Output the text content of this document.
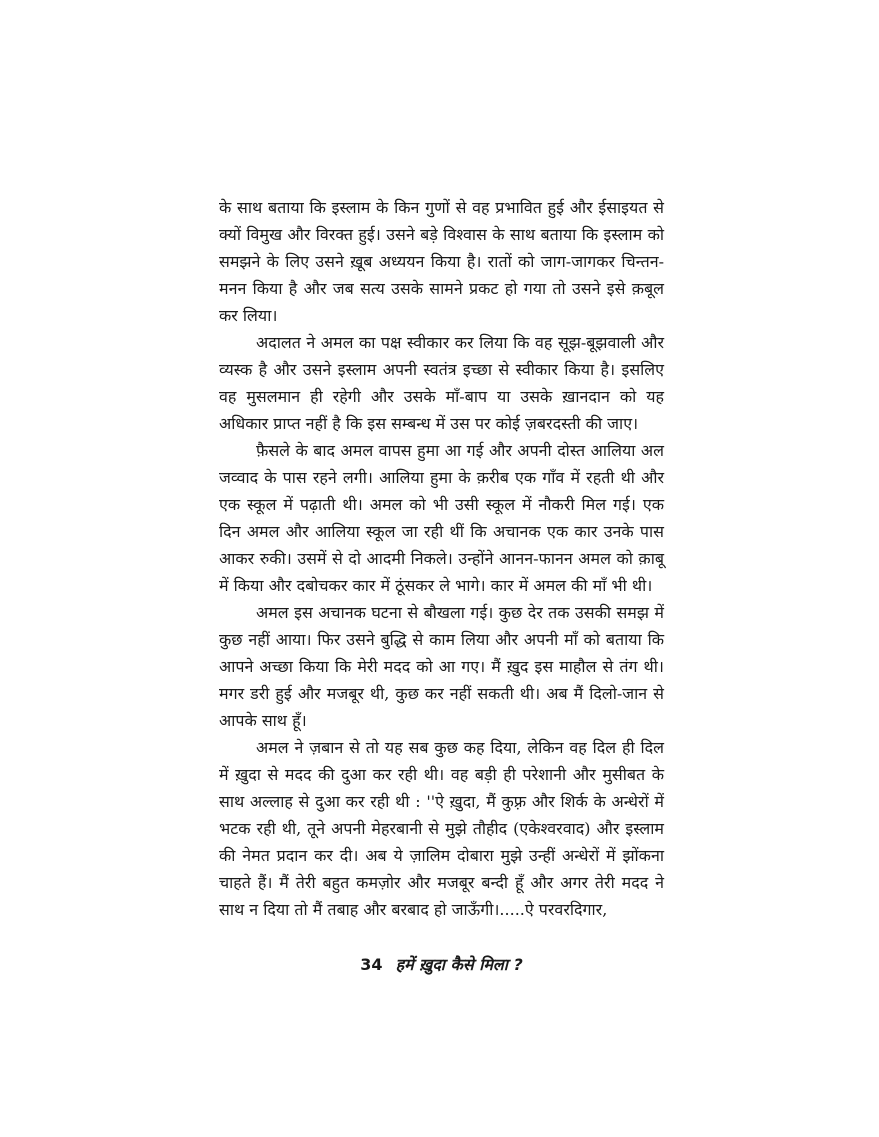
के साथ बताया कि इस्लाम के किन गुणों से वह प्रभावित हुई और ईसाइयत से क्यों विमुख और विरक्त हुई। उसने बड़े विश्वास के साथ बताया कि इस्लाम को समझने के लिए उसने ख़ूब अध्ययन किया है। रातों को जाग-जागकर चिन्तन-मनन किया है और जब सत्य उसके सामने प्रकट हो गया तो उसने इसे क़बूल कर लिया।

अदालत ने अमल का पक्ष स्वीकार कर लिया कि वह सूझ-बूझवाली और व्यस्क है और उसने इस्लाम अपनी स्वतंत्र इच्छा से स्वीकार किया है। इसलिए वह मुसलमान ही रहेगी और उसके माँ-बाप या उसके ख़ानदान को यह अधिकार प्राप्त नहीं है कि इस सम्बन्ध में उस पर कोई ज़बरदस्ती की जाए।

फ़ैसले के बाद अमल वापस हुमा आ गई और अपनी दोस्त आलिया अल जव्वाद के पास रहने लगी। आलिया हुमा के क़रीब एक गाँव में रहती थी और एक स्कूल में पढ़ाती थी। अमल को भी उसी स्कूल में नौकरी मिल गई। एक दिन अमल और आलिया स्कूल जा रही थीं कि अचानक एक कार उनके पास आकर रुकी। उसमें से दो आदमी निकले। उन्होंने आनन-फानन अमल को क़ाबू में किया और दबोचकर कार में ठूंसकर ले भागे। कार में अमल की माँ भी थी।

अमल इस अचानक घटना से बौखला गई। कुछ देर तक उसकी समझ में कुछ नहीं आया। फिर उसने बुद्धि से काम लिया और अपनी माँ को बताया कि आपने अच्छा किया कि मेरी मदद को आ गए। मैं ख़ुद इस माहौल से तंग थी। मगर डरी हुई और मजबूर थी, कुछ कर नहीं सकती थी। अब मैं दिलो-जान से आपके साथ हूँ।

अमल ने ज़बान से तो यह सब कुछ कह दिया, लेकिन वह दिल ही दिल में ख़ुदा से मदद की दुआ कर रही थी। वह बड़ी ही परेशानी और मुसीबत के साथ अल्लाह से दुआ कर रही थी : ''ऐ ख़ुदा, मैं कुफ़्र और शिर्क के अन्धेरों में भटक रही थी, तूने अपनी मेहरबानी से मुझे तौहीद (एकेश्वरवाद) और इस्लाम की नेमत प्रदान कर दी। अब ये ज़ालिम दोबारा मुझे उन्हीं अन्धेरों में झोंकना चाहते हैं। मैं तेरी बहुत कमज़ोर और मजबूर बन्दी हूँ और अगर तेरी मदद ने साथ न दिया तो मैं तबाह और बरबाद हो जाऊँगी।.....ऐ परवरदिगार,

34 हमें ख़ुदा कैसे मिला ?
